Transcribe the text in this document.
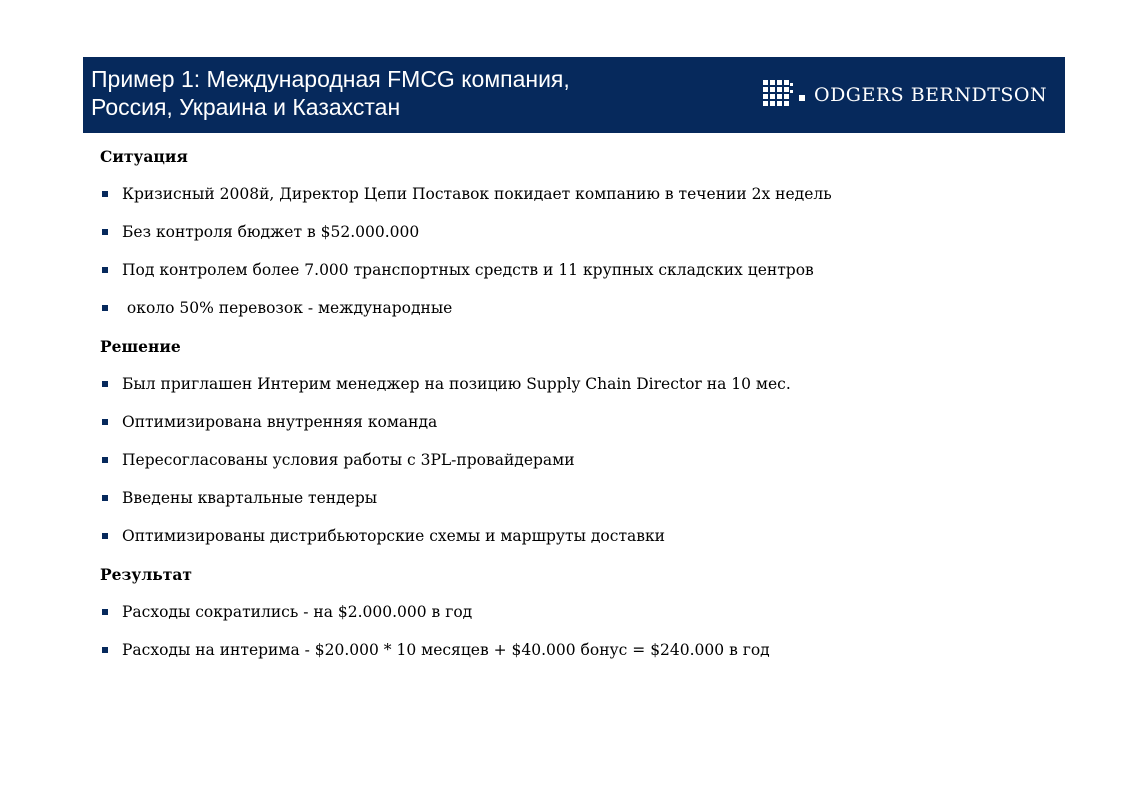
Пример 1: Международная FMCG компания,
Россия, Украина и Казахстан	ODGERS BERNDTSON

Ситуация

Кризисный 2008й, Директор Цепи Поставок покидает компанию в течении 2х недель
Без контроля бюджет в $52.000.000
Под контролем более 7.000 транспортных средств и 11 крупных складских центров
около 50% перевозок - международные

Решение

Был приглашен Интерим менеджер на позицию Supply Chain Director на 10 мес.
Оптимизирована внутренняя команда
Пересогласованы условия работы с 3PL-провайдерами
Введены квартальные тендеры
Оптимизированы дистрибьюторские схемы и маршруты доставки

Результат

Расходы сократились - на $2.000.000 в год
Расходы на интерима - $20.000 * 10 месяцев + $40.000 бонус = $240.000 в год
